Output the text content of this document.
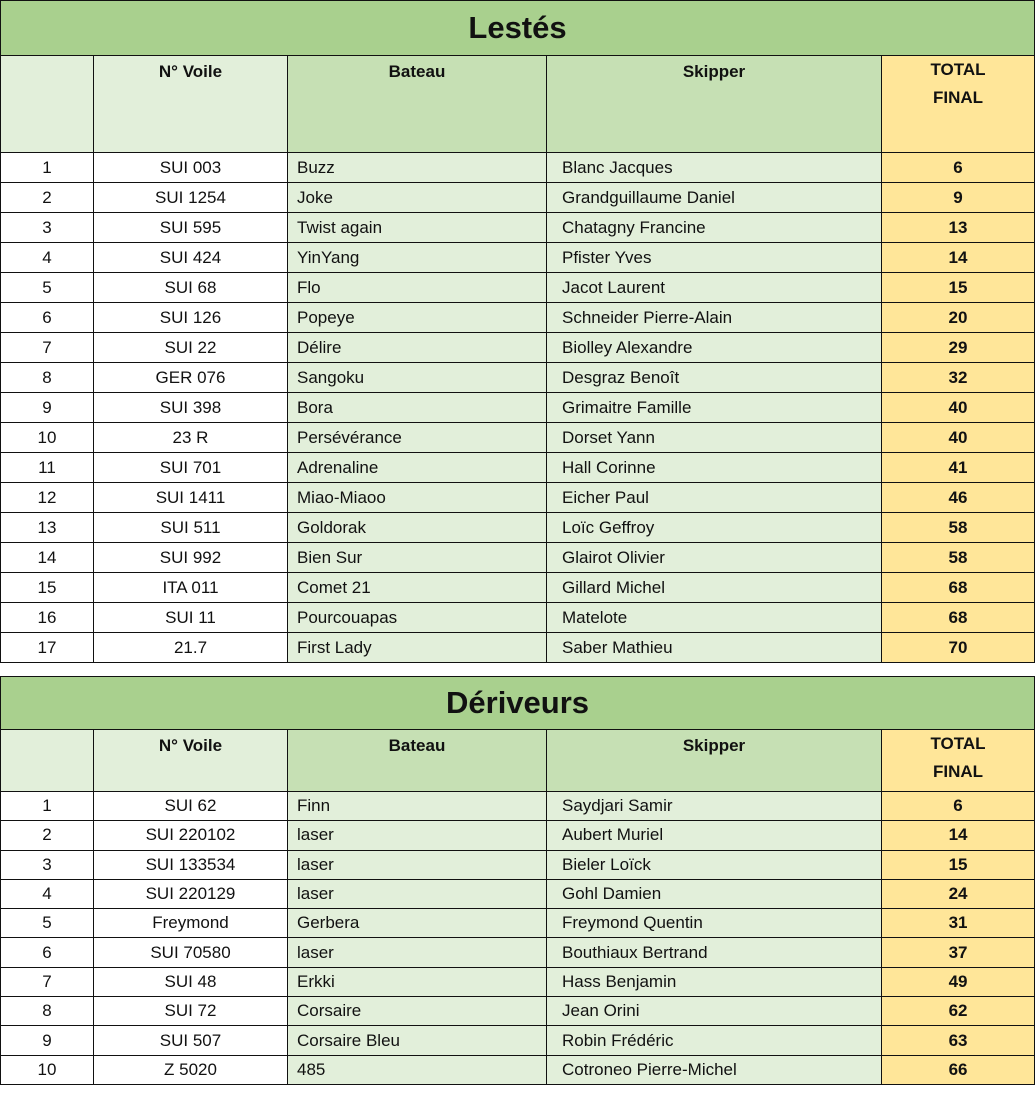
Lestés				
	N° Voile	Bateau	Skipper	TOTAL
FINAL

1	SUI 003	Buzz	Blanc Jacques	6
2	SUI 1254	Joke	Grandguillaume Daniel	9
3	SUI 595	Twist again	Chatagny Francine	13
4	SUI 424	YinYang	Pfister Yves	14
5	SUI 68	Flo	Jacot Laurent	15
6	SUI 126	Popeye	Schneider Pierre-Alain	20
7	SUI 22	Délire	Biolley Alexandre	29
8	GER 076	Sangoku	Desgraz Benoît	32
9	SUI 398	Bora	Grimaitre Famille	40
10	23 R	Persévérance	Dorset Yann	40
11	SUI 701	Adrenaline	Hall Corinne	41
12	SUI 1411	Miao-Miaoo	Eicher Paul	46
13	SUI 511	Goldorak	Loïc Geffroy	58
14	SUI 992	Bien Sur	Glairot Olivier	58
15	ITA 011	Comet 21	Gillard Michel	68
16	SUI 11	Pourcouapas	Matelote	68
17	21.7	First Lady	Saber Mathieu	70
Dériveurs				
	N° Voile	Bateau	Skipper	TOTAL
FINAL

1	SUI 62	Finn	Saydjari Samir	6
2	SUI 220102	laser	Aubert Muriel	14
3	SUI 133534	laser	Bieler Loïck	15
4	SUI 220129	laser	Gohl Damien	24
5	Freymond	Gerbera	Freymond Quentin	31
6	SUI 70580	laser	Bouthiaux Bertrand	37
7	SUI 48	Erkki	Hass Benjamin	49
8	SUI 72	Corsaire	Jean Orini	62
9	SUI 507	Corsaire Bleu	Robin Frédéric	63
10	Z 5020	485	Cotroneo Pierre-Michel	66
